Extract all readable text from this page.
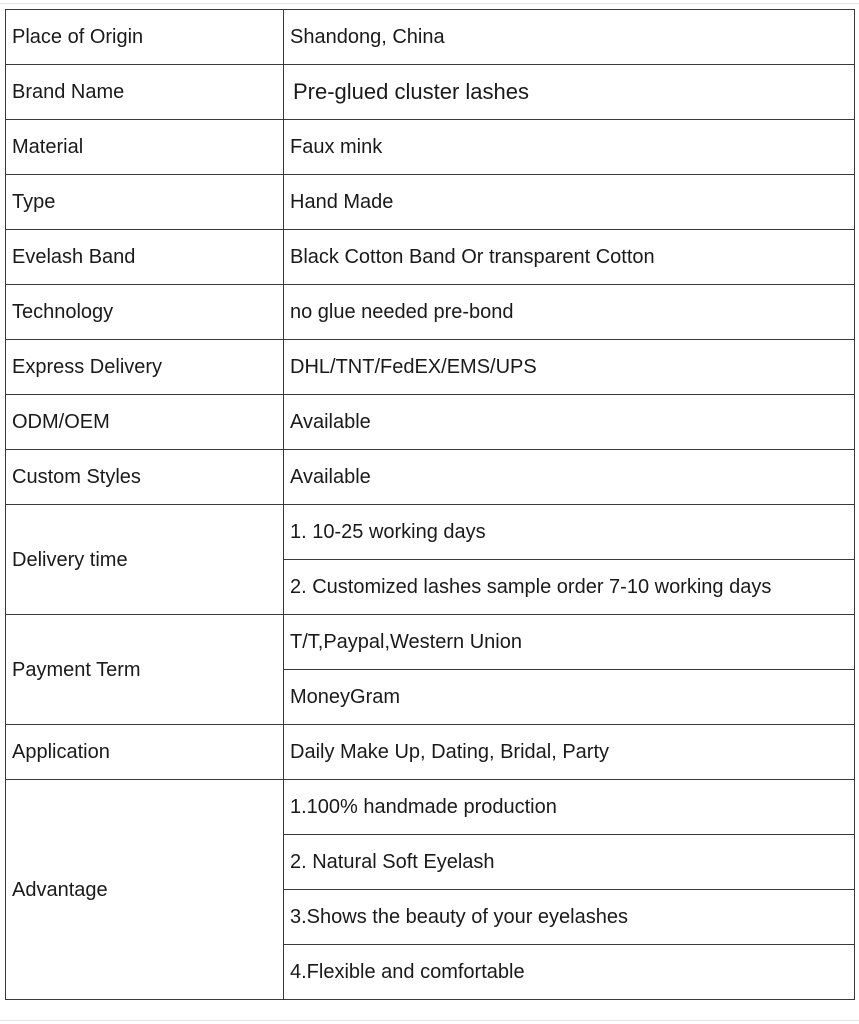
Place of Origin	Shandong, China
Brand Name	Pre-glued cluster lashes
Material	Faux mink
Type	Hand Made
Evelash Band	Black Cotton Band Or transparent Cotton
Technology	no glue needed pre-bond
Express Delivery	DHL/TNT/FedEX/EMS/UPS
ODM/OEM	Available
Custom Styles	Available
Delivery time	1. 10-25 working days
	2. Customized lashes sample order 7-10 working days
Payment Term	T/T,Paypal,Western Union
	MoneyGram
Application	Daily Make Up, Dating, Bridal, Party
Advantage	1.100% handmade production
	2. Natural Soft Eyelash
	3.Shows the beauty of your eyelashes
	4.Flexible and comfortable
